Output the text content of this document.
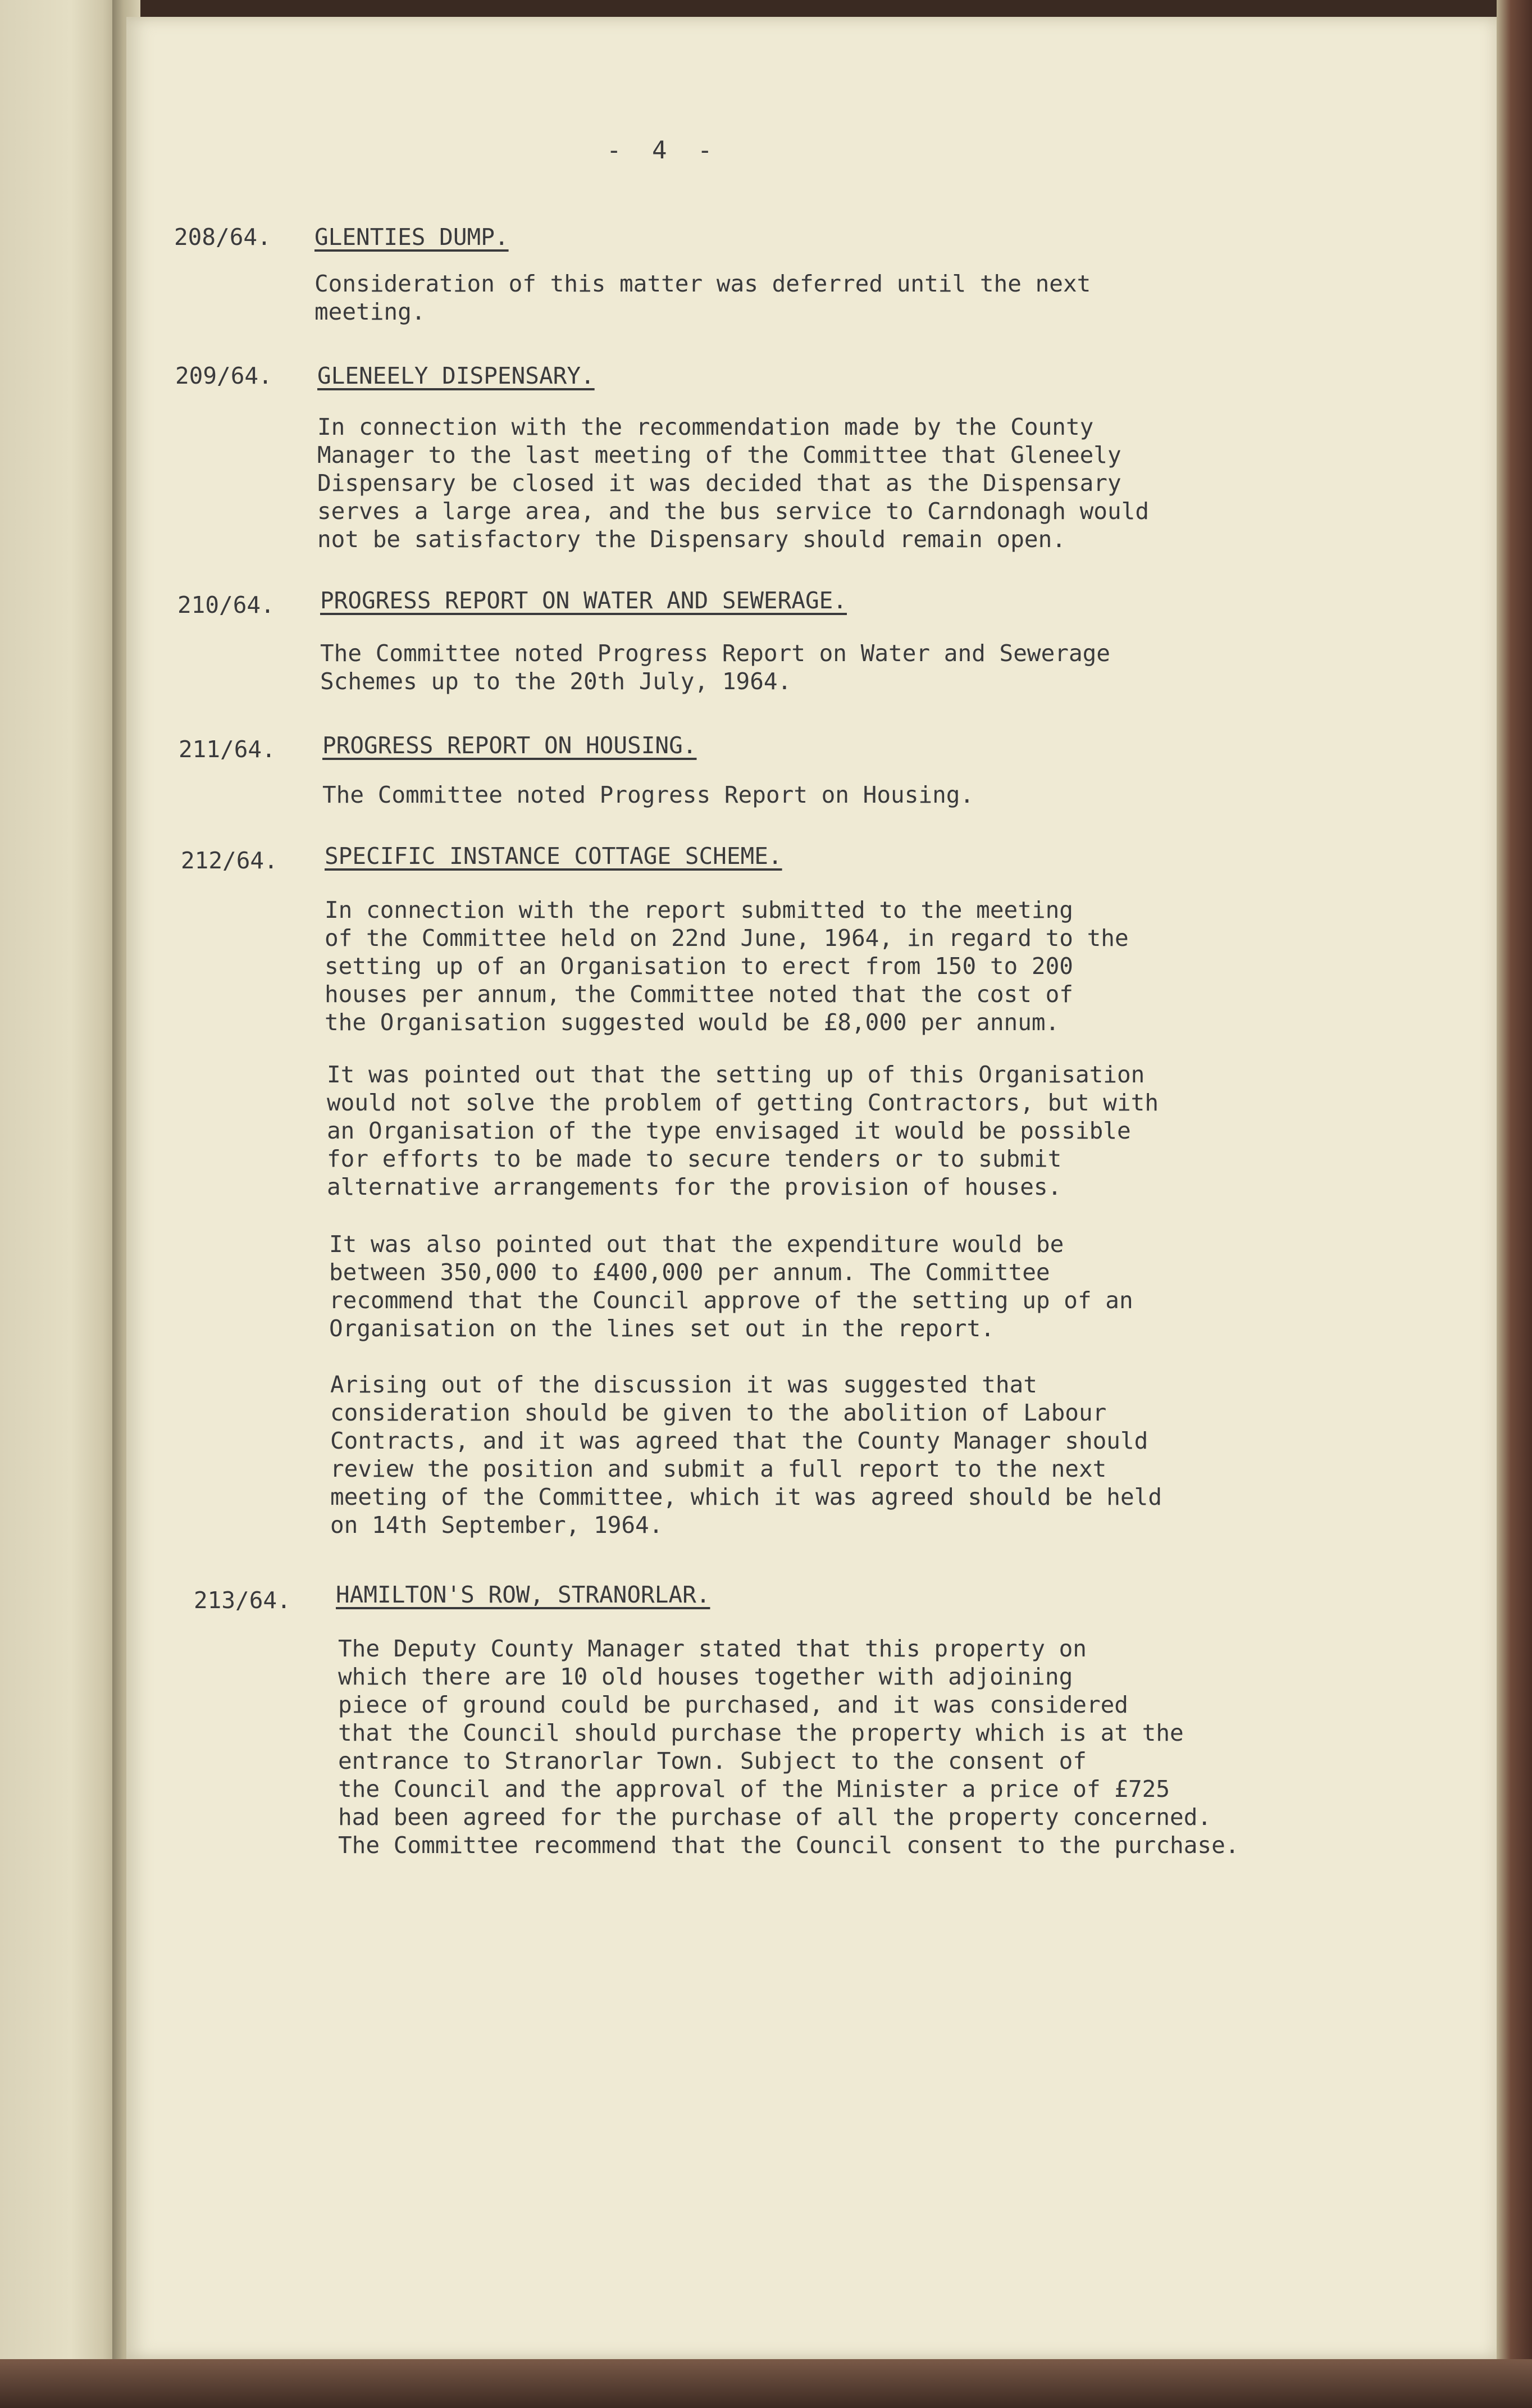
- 4 -
208/64. GLENTIES DUMP.
Consideration of this matter was deferred until the next
meeting.
209/64. GLENEELY DISPENSARY.
In connection with the recommendation made by the County
Manager to the last meeting of the Committee that Gleneely
Dispensary be closed it was decided that as the Dispensary
serves a large area, and the bus service to Carndonagh would
not be satisfactory the Dispensary should remain open.
210/64. PROGRESS REPORT ON WATER AND SEWERAGE.
The Committee noted Progress Report on Water and Sewerage
Schemes up to the 20th July, 1964.
211/64. PROGRESS REPORT ON HOUSING.
The Committee noted Progress Report on Housing.
212/64. SPECIFIC INSTANCE COTTAGE SCHEME.
In connection with the report submitted to the meeting
of the Committee held on 22nd June, 1964, in regard to the
setting up of an Organisation to erect from 150 to 200
houses per annum, the Committee noted that the cost of
the Organisation suggested would be £8,000 per annum.
It was pointed out that the setting up of this Organisation
would not solve the problem of getting Contractors, but with
an Organisation of the type envisaged it would be possible
for efforts to be made to secure tenders or to submit
alternative arrangements for the provision of houses.
It was also pointed out that the expenditure would be
between 350,000 to £400,000 per annum. The Committee
recommend that the Council approve of the setting up of an
Organisation on the lines set out in the report.
Arising out of the discussion it was suggested that
consideration should be given to the abolition of Labour
Contracts, and it was agreed that the County Manager should
review the position and submit a full report to the next
meeting of the Committee, which it was agreed should be held
on 14th September, 1964.
213/64. HAMILTON'S ROW, STRANORLAR.
The Deputy County Manager stated that this property on
which there are 10 old houses together with adjoining
piece of ground could be purchased, and it was considered
that the Council should purchase the property which is at the
entrance to Stranorlar Town. Subject to the consent of
the Council and the approval of the Minister a price of £725
had been agreed for the purchase of all the property concerned.
The Committee recommend that the Council consent to the purchase.
